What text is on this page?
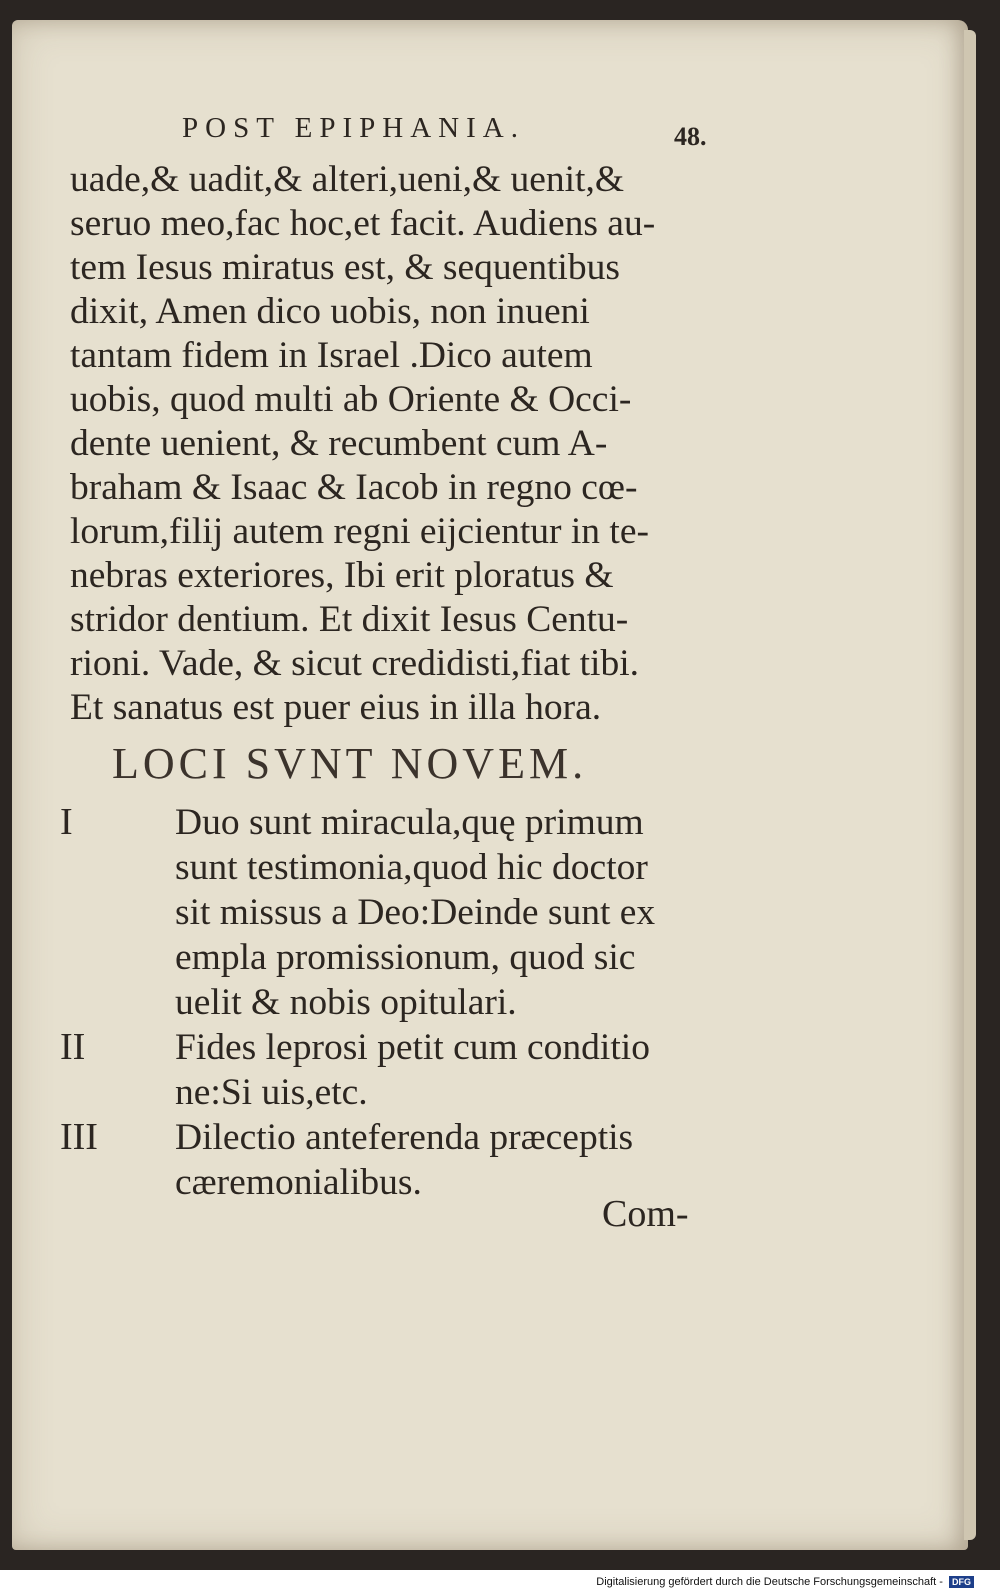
POST EPIPHANIA.	48.
uade,& uadit,& alteri,ueni,& uenit,&
seruo meo,fac hoc,et facit. Audiens au-
tem Iesus miratus est, & sequentibus
dixit, Amen dico uobis, non inueni
tantam fidem in Israel .Dico autem
uobis, quod multi ab Oriente & Occi-
dente uenient, & recumbent cum A-
braham & Isaac & Iacob in regno cœ-
lorum,filij autem regni eijcientur in te-
nebras exteriores, Ibi erit ploratus &
stridor dentium. Et dixit Iesus Centu-
rioni. Vade, & sicut credidisti,fiat tibi.
Et sanatus est puer eius in illa hora.
LOCI SVNT NOVEM.
I	Duo sunt miracula,quę primum
sunt testimonia,quod hic doctor
sit missus a Deo:Deinde sunt ex
empla promissionum, quod sic
uelit & nobis opitulari.
II Fides leprosi petit cum conditio
ne:Si uis,etc.
III Dilectio anteferenda præceptis
cæremonialibus.
Com-
Digitalisierung gefördert durch die Deutsche Forschungsgemeinschaft - DFG
